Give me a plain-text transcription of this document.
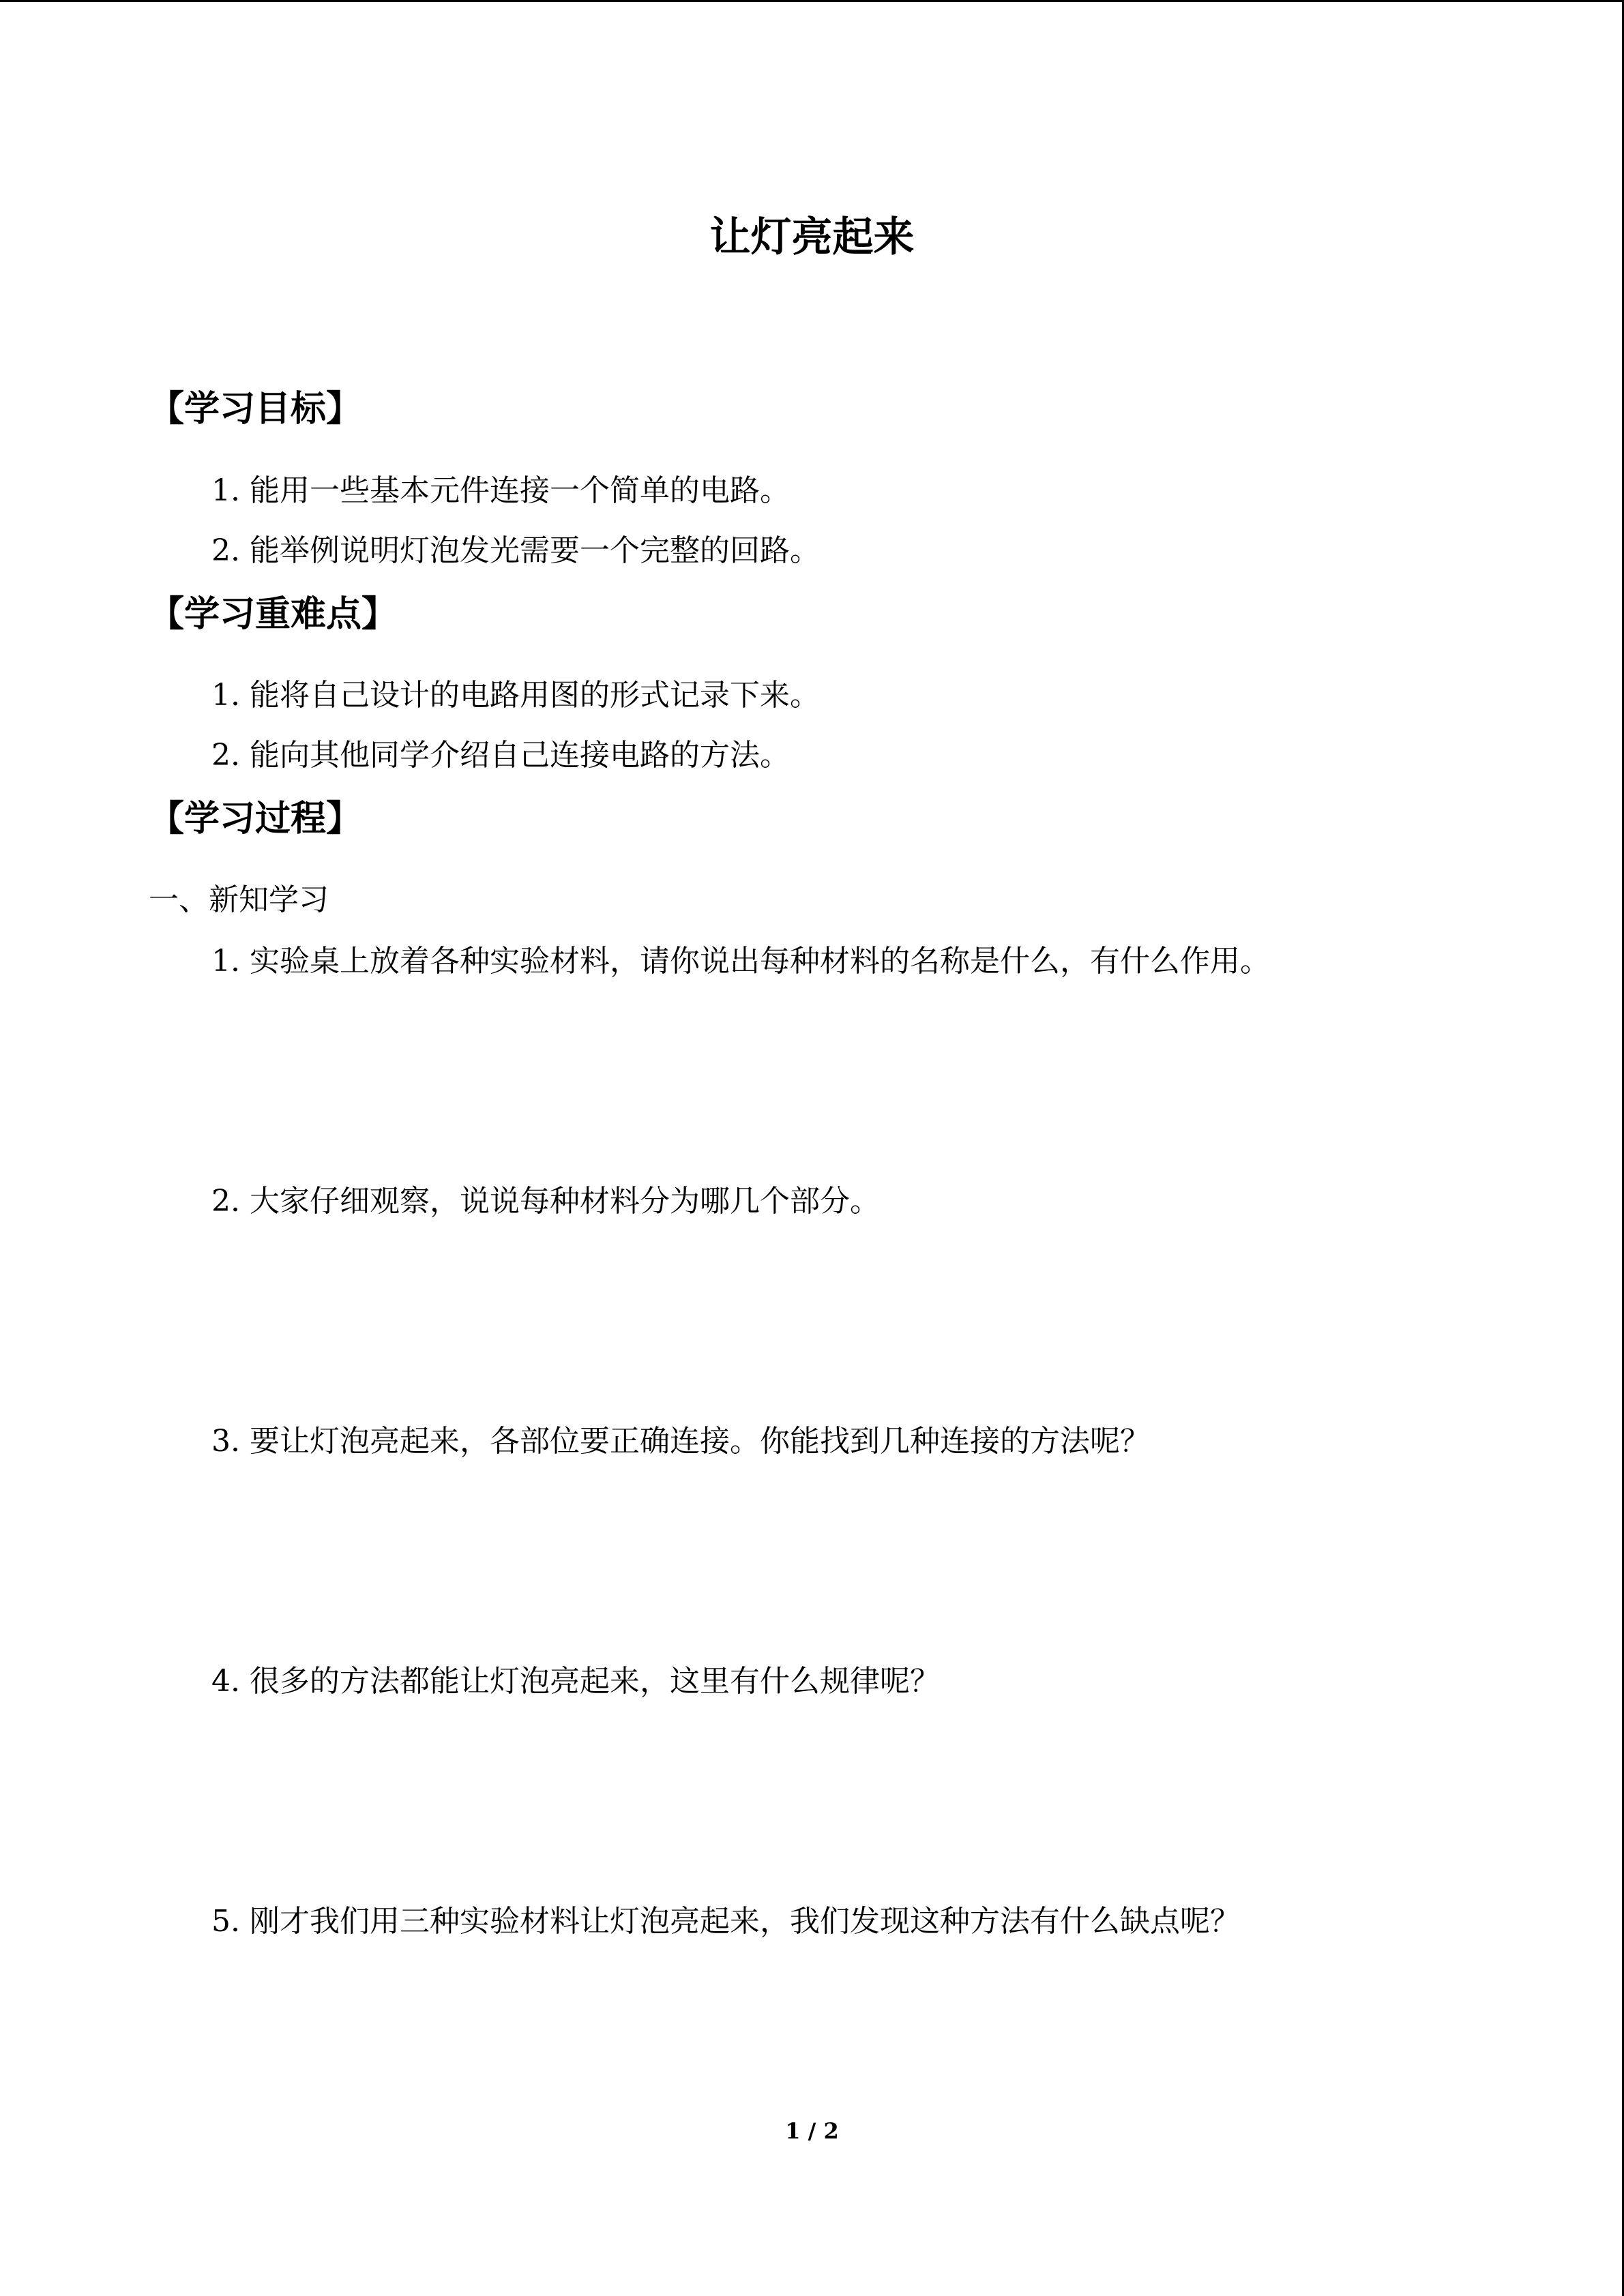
让灯亮起来
【学习目标】
1. 能用一些基本元件连接一个简单的电路。
2. 能举例说明灯泡发光需要一个完整的回路。
【学习重难点】
1. 能将自己设计的电路用图的形式记录下来。
2. 能向其他同学介绍自己连接电路的方法。
【学习过程】
一、新知学习
1. 实验桌上放着各种实验材料，请你说出每种材料的名称是什么，有什么作用。
2. 大家仔细观察，说说每种材料分为哪几个部分。
3. 要让灯泡亮起来，各部位要正确连接。你能找到几种连接的方法呢？
4. 很多的方法都能让灯泡亮起来，这里有什么规律呢？
5. 刚才我们用三种实验材料让灯泡亮起来，我们发现这种方法有什么缺点呢？
1 / 2
